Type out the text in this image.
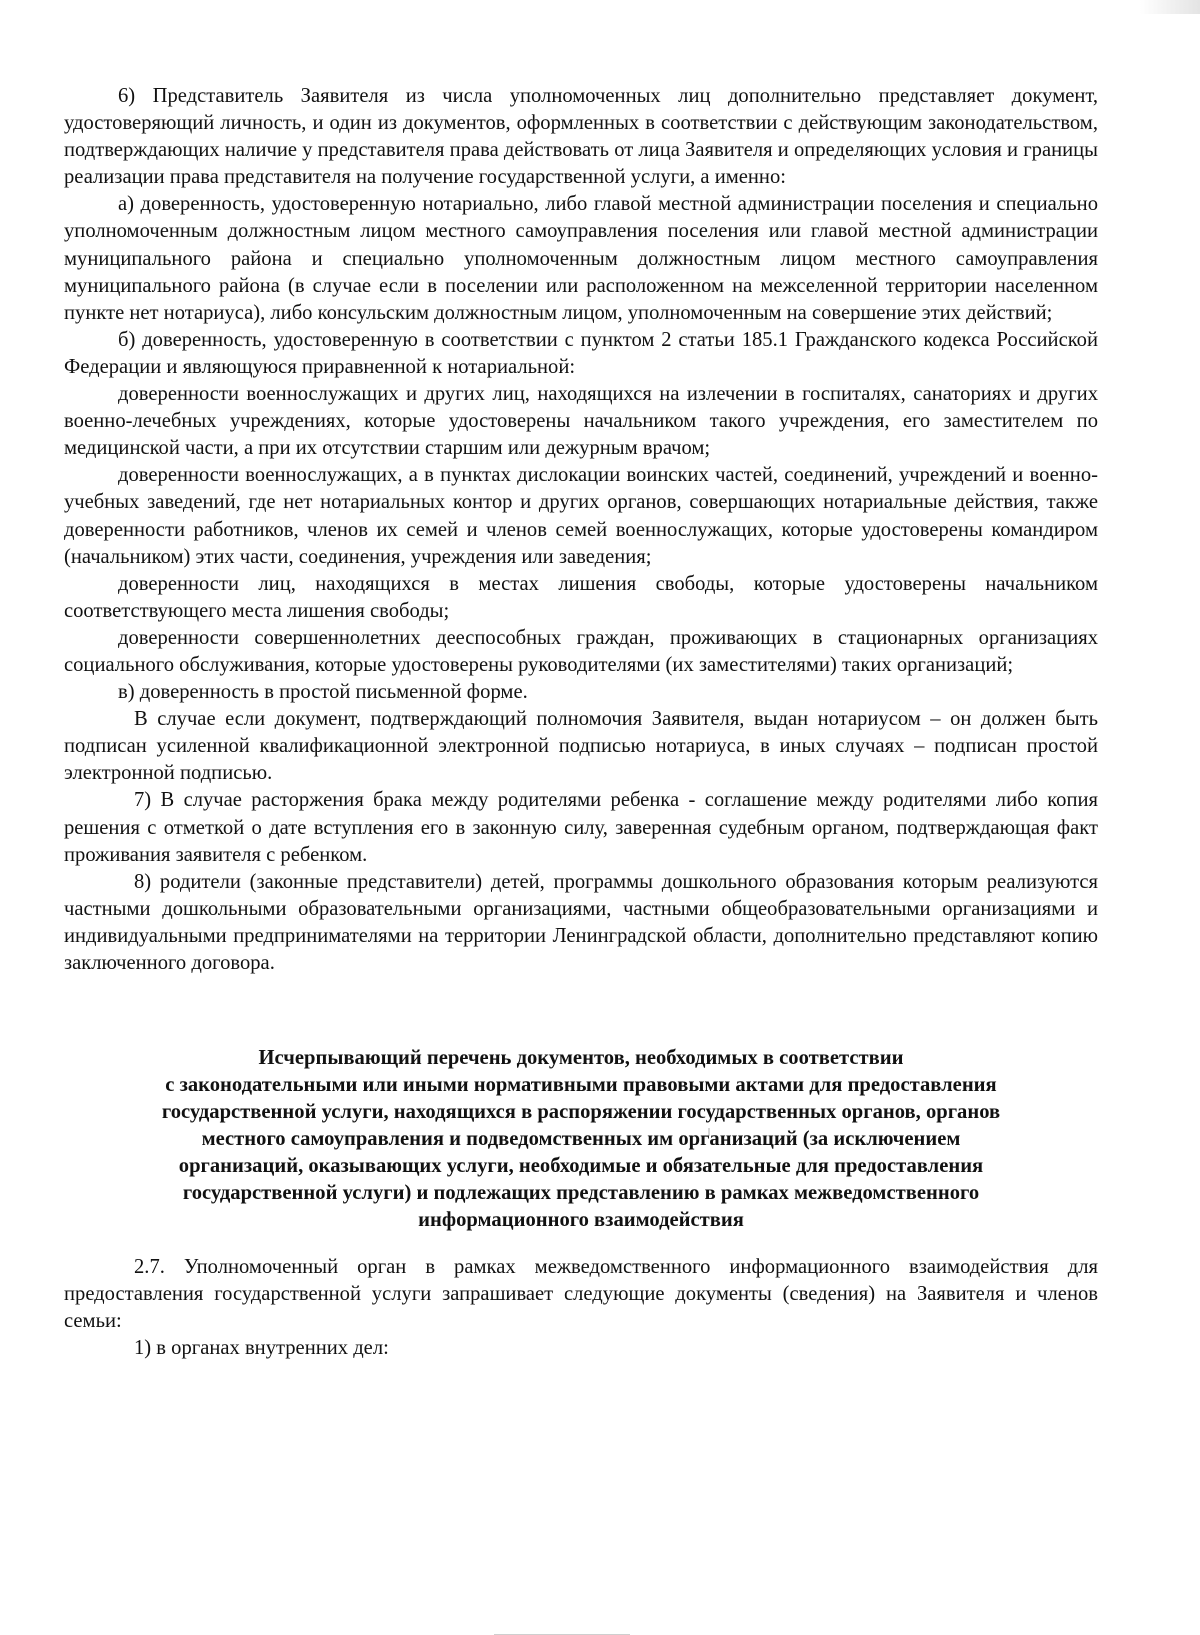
6) Представитель Заявителя из числа уполномоченных лиц дополнительно представляет документ, удостоверяющий личность, и один из документов, оформленных в соответствии с действующим законодательством, подтверждающих наличие у представителя права действовать от лица Заявителя и определяющих условия и границы реализации права представителя на получение государственной услуги, а именно:

а) доверенность, удостоверенную нотариально, либо главой местной администрации поселения и специально уполномоченным должностным лицом местного самоуправления поселения или главой местной администрации муниципального района и специально уполномоченным должностным лицом местного самоуправления муниципального района (в случае если в поселении или расположенном на межселенной территории населенном пункте нет нотариуса), либо консульским должностным лицом, уполномоченным на совершение этих действий;

б) доверенность, удостоверенную в соответствии с пунктом 2 статьи 185.1 Гражданского кодекса Российской Федерации и являющуюся приравненной к нотариальной:

доверенности военнослужащих и других лиц, находящихся на излечении в госпиталях, санаториях и других военно-лечебных учреждениях, которые удостоверены начальником такого учреждения, его заместителем по медицинской части, а при их отсутствии старшим или дежурным врачом;

доверенности военнослужащих, а в пунктах дислокации воинских частей, соединений, учреждений и военно-учебных заведений, где нет нотариальных контор и других органов, совершающих нотариальные действия, также доверенности работников, членов их семей и членов семей военнослужащих, которые удостоверены командиром (начальником) этих части, соединения, учреждения или заведения;

доверенности лиц, находящихся в местах лишения свободы, которые удостоверены начальником соответствующего места лишения свободы;

доверенности совершеннолетних дееспособных граждан, проживающих в стационарных организациях социального обслуживания, которые удостоверены руководителями (их заместителями) таких организаций;

в) доверенность в простой письменной форме.

В случае если документ, подтверждающий полномочия Заявителя, выдан нотариусом – он должен быть подписан усиленной квалификационной электронной подписью нотариуса, в иных случаях – подписан простой электронной подписью.

7) В случае расторжения брака между родителями ребенка - соглашение между родителями либо копия решения с отметкой о дате вступления его в законную силу, заверенная судебным органом, подтверждающая факт проживания заявителя с ребенком.

8) родители (законные представители) детей, программы дошкольного образования которым реализуются частными дошкольными образовательными организациями, частными общеобразовательными организациями и индивидуальными предпринимателями на территории Ленинградской области, дополнительно представляют копию заключенного договора.

Исчерпывающий перечень документов, необходимых в соответствии
с законодательными или иными нормативными правовыми актами для предоставления
государственной услуги, находящихся в распоряжении государственных органов, органов
местного самоуправления и подведомственных им организаций (за исключением
организаций, оказывающих услуги, необходимые и обязательные для предоставления
государственной услуги) и подлежащих представлению в рамках межведомственного
информационного взаимодействия

2.7. Уполномоченный орган в рамках межведомственного информационного взаимодействия для предоставления государственной услуги запрашивает следующие документы (сведения) на Заявителя и членов семьи:

1) в органах внутренних дел:
